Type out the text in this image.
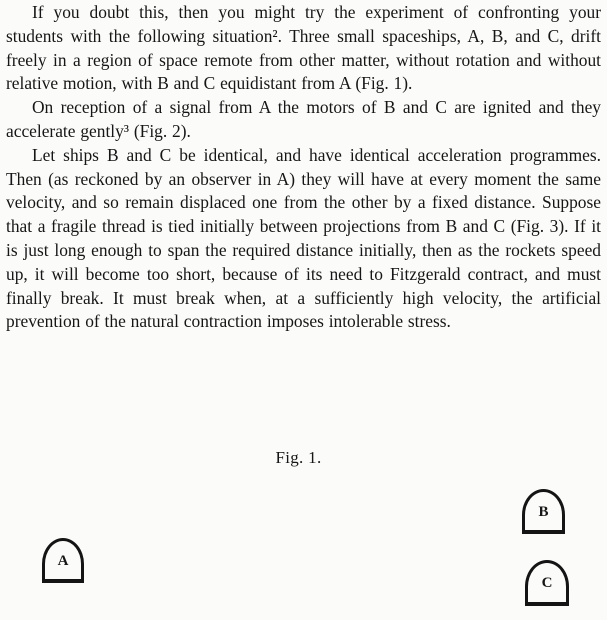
If you doubt this, then you might try the experiment of confronting your students with the following situation². Three small spaceships, A, B, and C, drift freely in a region of space remote from other matter, without rotation and without relative motion, with B and C equidistant from A (Fig. 1).

On reception of a signal from A the motors of B and C are ignited and they accelerate gently³ (Fig. 2).

Let ships B and C be identical, and have identical acceleration programmes. Then (as reckoned by an observer in A) they will have at every moment the same velocity, and so remain displaced one from the other by a fixed distance. Suppose that a fragile thread is tied initially between projections from B and C (Fig. 3). If it is just long enough to span the required distance initially, then as the rockets speed up, it will become too short, because of its need to Fitzgerald contract, and must finally break. It must break when, at a sufficiently high velocity, the artificial prevention of the natural contraction imposes intolerable stress.

Fig. 1.
A
B
C
